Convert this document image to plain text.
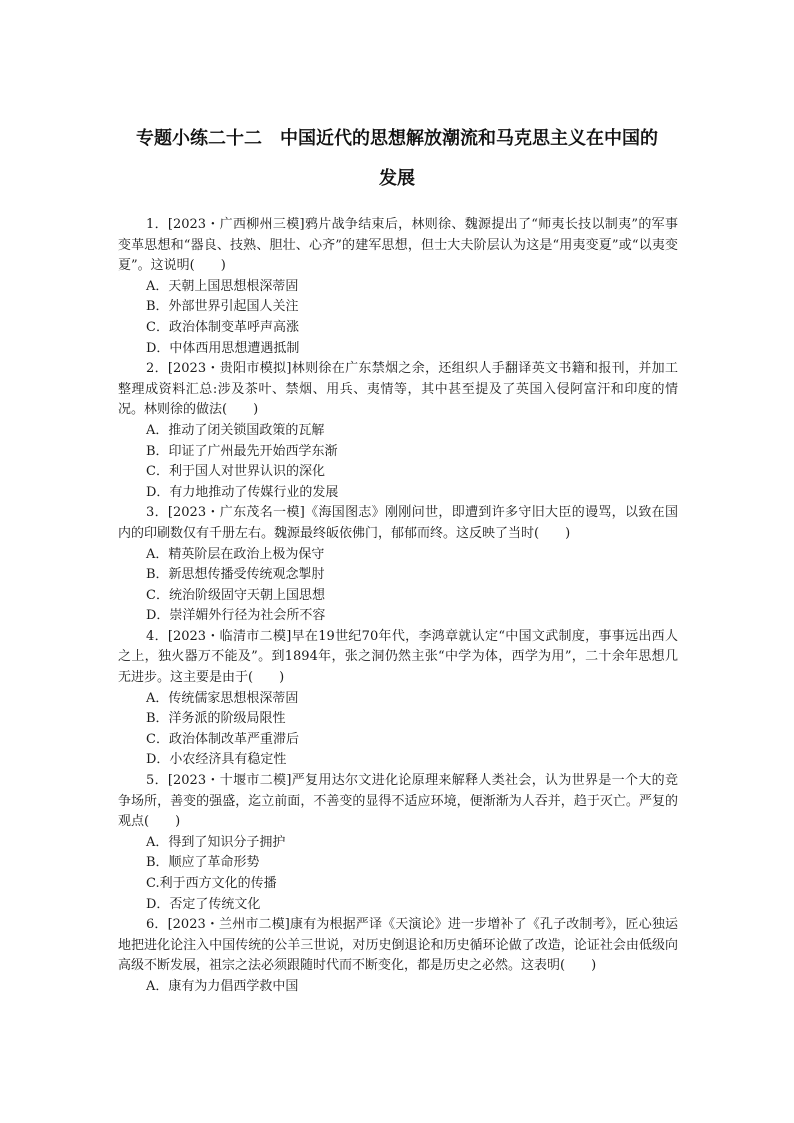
专题小练二十二　中国近代的思想解放潮流和马克思主义在中国的
发展

1．[2023・广西柳州三模]鸦片战争结束后，林则徐、魏源提出了“师夷长技以制夷”的军事变革思想和“器良、技熟、胆壮、心齐”的建军思想，但士大夫阶层认为这是“用夷变夏”或“以夷变夏”。这说明(　　)

A．天朝上国思想根深蒂固

B．外部世界引起国人关注

C．政治体制变革呼声高涨

D．中体西用思想遭遇抵制

2．[2023・贵阳市模拟]林则徐在广东禁烟之余，还组织人手翻译英文书籍和报刊，并加工整理成资料汇总:涉及茶叶、禁烟、用兵、夷情等，其中甚至提及了英国入侵阿富汗和印度的情况。林则徐的做法(　　)

A．推动了闭关锁国政策的瓦解

B．印证了广州最先开始西学东渐

C．利于国人对世界认识的深化

D．有力地推动了传媒行业的发展

3．[2023・广东茂名一模]《海国图志》刚刚问世，即遭到许多守旧大臣的谩骂，以致在国内的印刷数仅有千册左右。魏源最终皈依佛门，郁郁而终。这反映了当时(　　)

A．精英阶层在政治上极为保守

B．新思想传播受传统观念掣肘

C．统治阶级固守天朝上国思想

D．崇洋媚外行径为社会所不容

4．[2023・临清市二模]早在19世纪70年代，李鸿章就认定“中国文武制度，事事远出西人之上，独火器万不能及”。到1894年，张之洞仍然主张“中学为体，西学为用”，二十余年思想几无进步。这主要是由于(　　)

A．传统儒家思想根深蒂固

B．洋务派的阶级局限性

C．政治体制改革严重滞后

D．小农经济具有稳定性

5．[2023・十堰市二模]严复用达尔文进化论原理来解释人类社会，认为世界是一个大的竞争场所，善变的强盛，迄立前面，不善变的显得不适应环境，便渐渐为人吞并，趋于灭亡。严复的观点(　　)

A．得到了知识分子拥护

B．顺应了革命形势

C.利于西方文化的传播

D．否定了传统文化

6．[2023・兰州市二模]康有为根据严译《天演论》进一步增补了《孔子改制考》，匠心独运地把进化论注入中国传统的公羊三世说，对历史倒退论和历史循环论做了改造，论证社会由低级向高级不断发展，祖宗之法必须跟随时代而不断变化，都是历史之必然。这表明(　　)

A．康有为力倡西学救中国
